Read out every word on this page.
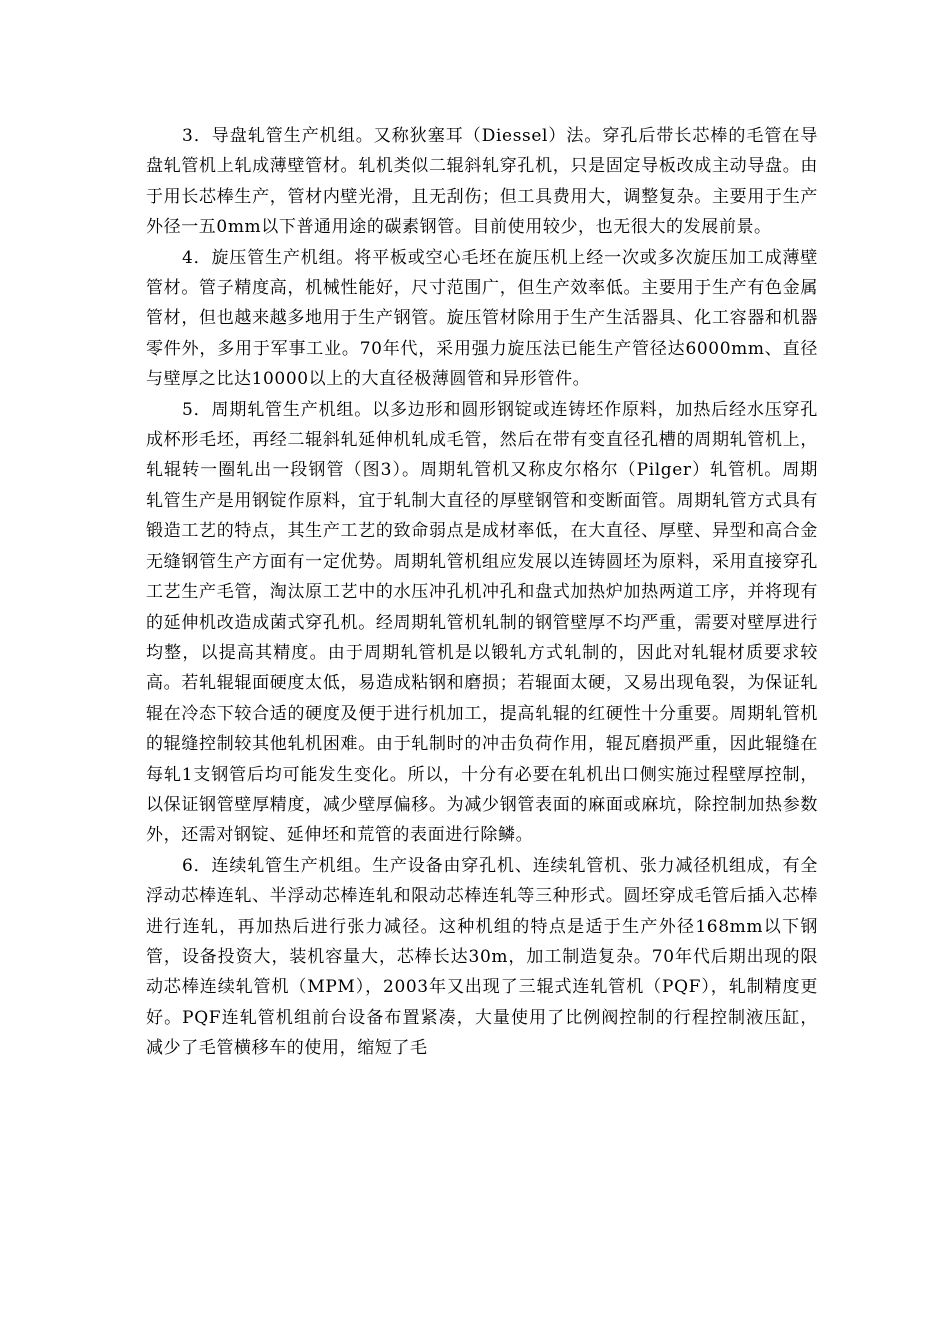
3．导盘轧管生产机组。又称狄塞耳（Diessel）法。穿孔后带长芯棒的毛管在导盘轧管机上轧成薄壁管材。轧机类似二辊斜轧穿孔机，只是固定导板改成主动导盘。由于用长芯棒生产，管材内壁光滑，且无刮伤；但工具费用大，调整复杂。主要用于生产外径一五0mm以下普通用途的碳素钢管。目前使用较少，也无很大的发展前景。

4．旋压管生产机组。将平板或空心毛坯在旋压机上经一次或多次旋压加工成薄壁管材。管子精度高，机械性能好，尺寸范围广，但生产效率低。主要用于生产有色金属管材，但也越来越多地用于生产钢管。旋压管材除用于生产生活器具、化工容器和机器零件外，多用于军事工业。70年代，采用强力旋压法已能生产管径达6000mm、直径与壁厚之比达10000以上的大直径极薄圆管和异形管件。

5．周期轧管生产机组。以多边形和圆形钢锭或连铸坯作原料，加热后经水压穿孔成杯形毛坯，再经二辊斜轧延伸机轧成毛管，然后在带有变直径孔槽的周期轧管机上，轧辊转一圈轧出一段钢管（图3）。周期轧管机又称皮尔格尔（Pilger）轧管机。周期轧管生产是用钢锭作原料，宜于轧制大直径的厚壁钢管和变断面管。周期轧管方式具有锻造工艺的特点，其生产工艺的致命弱点是成材率低，在大直径、厚壁、异型和高合金无缝钢管生产方面有一定优势。周期轧管机组应发展以连铸圆坯为原料，采用直接穿孔工艺生产毛管，淘汰原工艺中的水压冲孔机冲孔和盘式加热炉加热两道工序，并将现有的延伸机改造成菌式穿孔机。经周期轧管机轧制的钢管壁厚不均严重，需要对壁厚进行均整，以提高其精度。由于周期轧管机是以锻轧方式轧制的，因此对轧辊材质要求较高。若轧辊辊面硬度太低，易造成粘钢和磨损；若辊面太硬，又易出现龟裂，为保证轧辊在冷态下较合适的硬度及便于进行机加工，提高轧辊的红硬性十分重要。周期轧管机的辊缝控制较其他轧机困难。由于轧制时的冲击负荷作用，辊瓦磨损严重，因此辊缝在每轧1支钢管后均可能发生变化。所以，十分有必要在轧机出口侧实施过程壁厚控制，以保证钢管壁厚精度，减少壁厚偏移。为减少钢管表面的麻面或麻坑，除控制加热参数外，还需对钢锭、延伸坯和荒管的表面进行除鳞。

6．连续轧管生产机组。生产设备由穿孔机、连续轧管机、张力减径机组成，有全浮动芯棒连轧、半浮动芯棒连轧和限动芯棒连轧等三种形式。圆坯穿成毛管后插入芯棒进行连轧，再加热后进行张力减径。这种机组的特点是适于生产外径168mm以下钢管，设备投资大，装机容量大，芯棒长达30m，加工制造复杂。70年代后期出现的限动芯棒连续轧管机（MPM），2003年又出现了三辊式连轧管机（PQF），轧制精度更好。PQF连轧管机组前台设备布置紧凑，大量使用了比例阀控制的行程控制液压缸，减少了毛管横移车的使用，缩短了毛
